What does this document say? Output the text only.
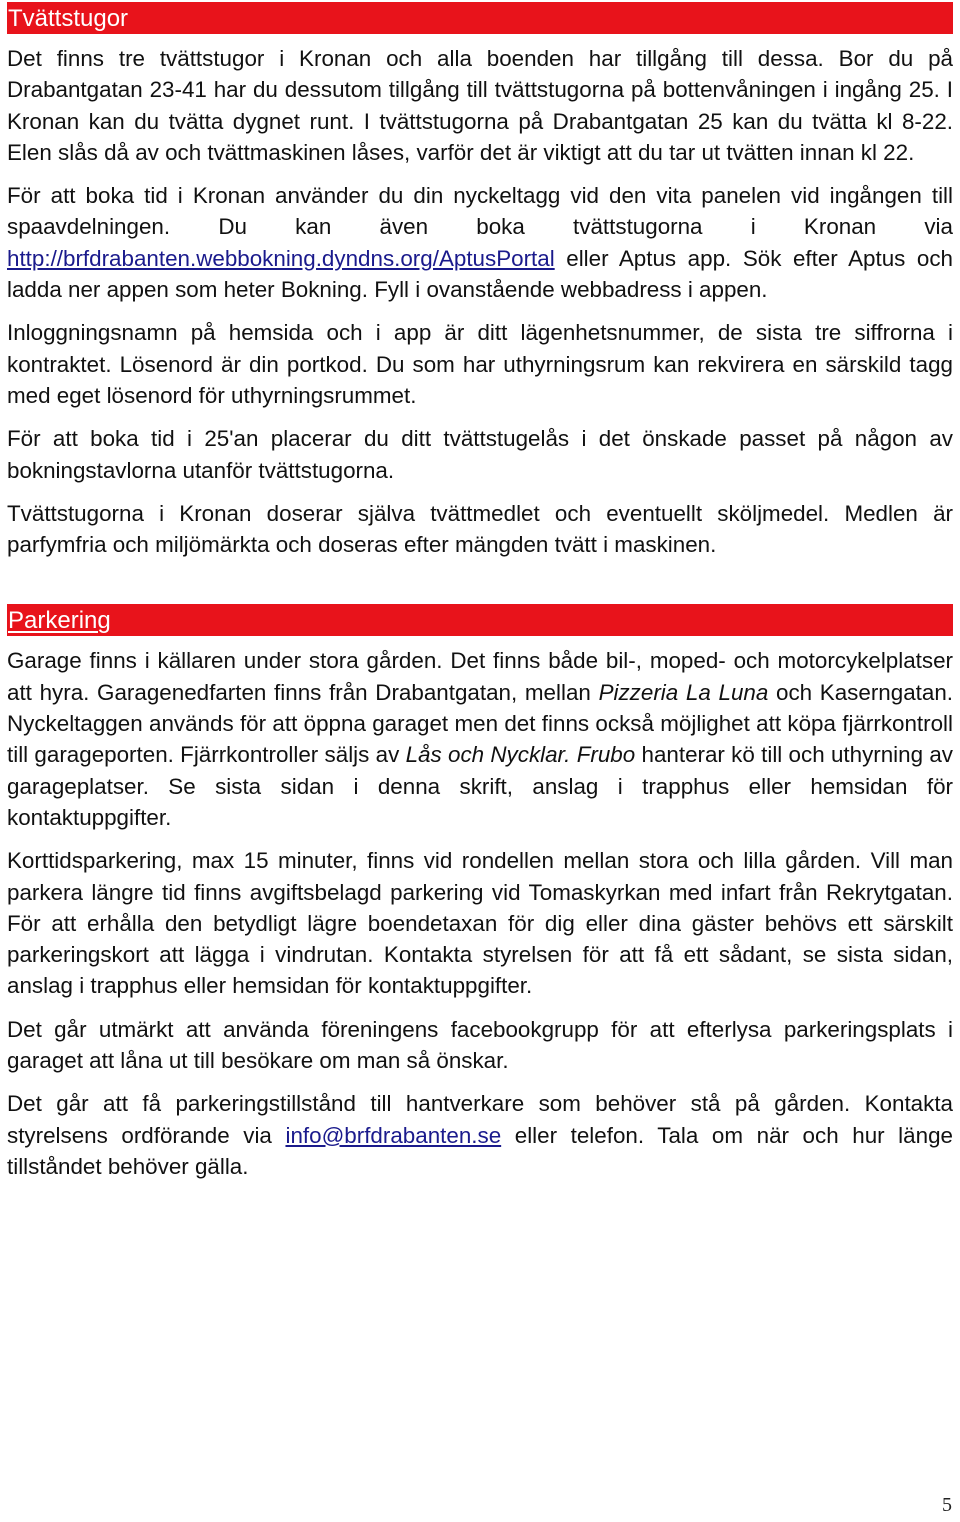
Tvättstugor

Det finns tre tvättstugor i Kronan och alla boenden har tillgång till dessa. Bor du på Drabantgatan 23-41 har du dessutom tillgång till tvättstugorna på bottenvåningen i ingång 25. I Kronan kan du tvätta dygnet runt. I tvättstugorna på Drabantgatan 25 kan du tvätta kl 8-22. Elen slås då av och tvättmaskinen låses, varför det är viktigt att du tar ut tvätten innan kl 22.

För att boka tid i Kronan använder du din nyckeltagg vid den vita panelen vid ingången till spaavdelningen. Du kan även boka tvättstugorna i Kronan via http://brfdrabanten.webbokning.dyndns.org/AptusPortal eller Aptus app. Sök efter Aptus och ladda ner appen som heter Bokning. Fyll i ovanstående webbadress i appen.

Inloggningsnamn på hemsida och i app är ditt lägenhetsnummer, de sista tre siffrorna i kontraktet. Lösenord är din portkod. Du som har uthyrningsrum kan rekvirera en särskild tagg med eget lösenord för uthyrningsrummet.

För att boka tid i 25'an placerar du ditt tvättstugelås i det önskade passet på någon av bokningstavlorna utanför tvättstugorna.

Tvättstugorna i Kronan doserar själva tvättmedlet och eventuellt sköljmedel. Medlen är parfymfria och miljömärkta och doseras efter mängden tvätt i maskinen.

Parkering

Garage finns i källaren under stora gården. Det finns både bil-, moped- och motorcykelplatser att hyra. Garagenedfarten finns från Drabantgatan, mellan Pizzeria La Luna och Kaserngatan. Nyckeltaggen används för att öppna garaget men det finns också möjlighet att köpa fjärrkontroll till garageporten. Fjärrkontroller säljs av Lås och Nycklar. Frubo hanterar kö till och uthyrning av garageplatser. Se sista sidan i denna skrift, anslag i trapphus eller hemsidan för kontaktuppgifter.

Korttidsparkering, max 15 minuter, finns vid rondellen mellan stora och lilla gården. Vill man parkera längre tid finns avgiftsbelagd parkering vid Tomaskyrkan med infart från Rekrytgatan. För att erhålla den betydligt lägre boendetaxan för dig eller dina gäster behövs ett särskilt parkeringskort att lägga i vindrutan. Kontakta styrelsen för att få ett sådant, se sista sidan, anslag i trapphus eller hemsidan för kontaktuppgifter.

Det går utmärkt att använda föreningens facebookgrupp för att efterlysa parkeringsplats i garaget att låna ut till besökare om man så önskar.

Det går att få parkeringstillstånd till hantverkare som behöver stå på gården. Kontakta styrelsens ordförande via info@brfdrabanten.se eller telefon. Tala om när och hur länge tillståndet behöver gälla.

5
